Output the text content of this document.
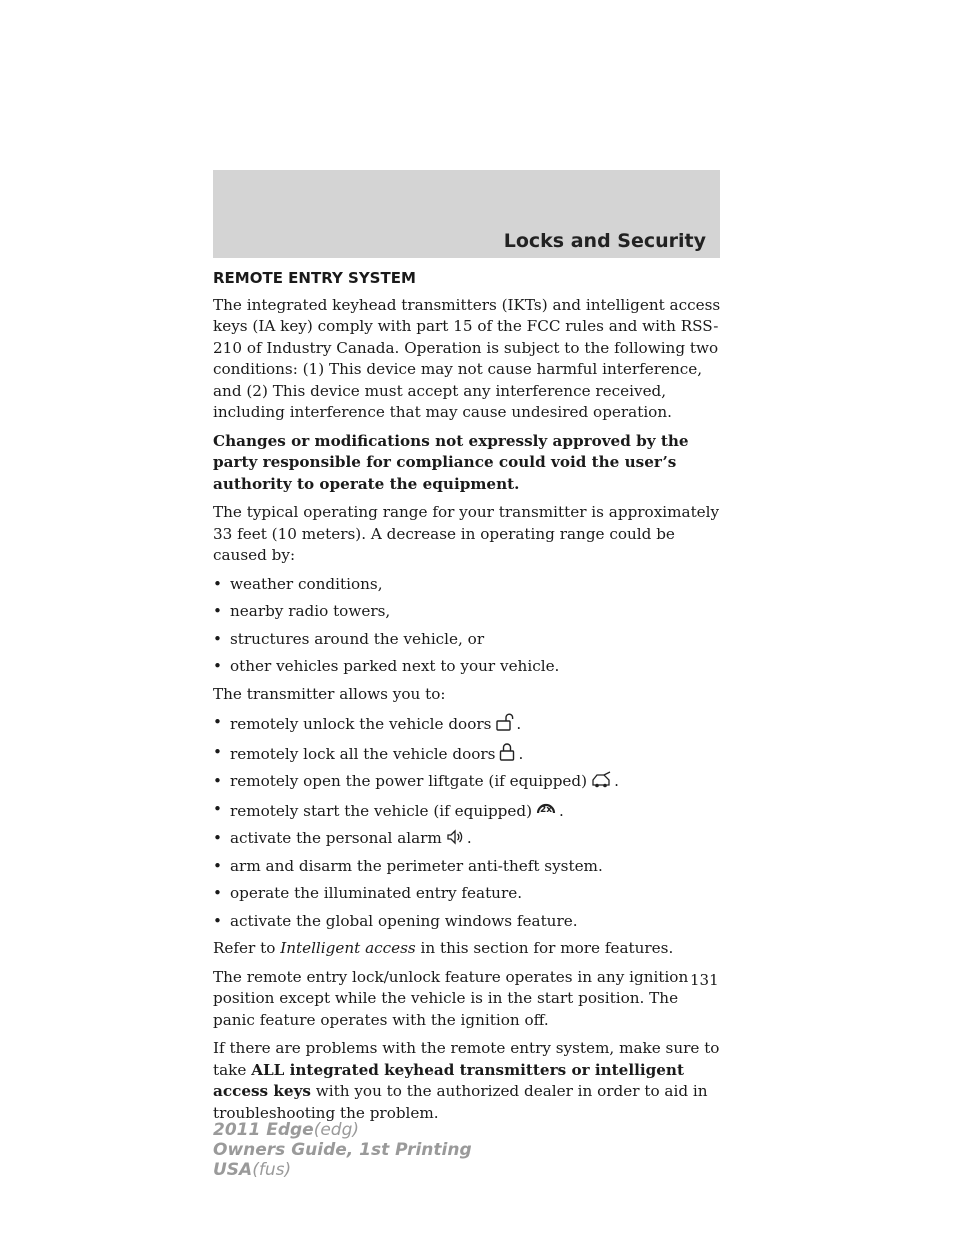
Locks and Security
REMOTE ENTRY SYSTEM

The integrated keyhead transmitters (IKTs) and intelligent access keys (IA key) comply with part 15 of the FCC rules and with RSS-210 of Industry Canada. Operation is subject to the following two conditions: (1) This device may not cause harmful interference, and (2) This device must accept any interference received, including interference that may cause undesired operation.

Changes or modifications not expressly approved by the party responsible for compliance could void the user’s authority to operate the equipment.

The typical operating range for your transmitter is approximately 33 feet (10 meters). A decrease in operating range could be caused by:

• weather conditions,
• nearby radio towers,
• structures around the vehicle, or
• other vehicles parked next to your vehicle.

The transmitter allows you to:

• remotely unlock the vehicle doors .
• remotely lock all the vehicle doors .
• remotely open the power liftgate (if equipped) .
• remotely start the vehicle (if equipped) 2x .
• activate the personal alarm .
• arm and disarm the perimeter anti-theft system.
• operate the illuminated entry feature.
• activate the global opening windows feature.

Refer to Intelligent access in this section for more features.

The remote entry lock/unlock feature operates in any ignition position except while the vehicle is in the start position. The panic feature operates with the ignition off.

If there are problems with the remote entry system, make sure to take ALL integrated keyhead transmitters or intelligent access keys with you to the authorized dealer in order to aid in troubleshooting the problem.

131
2011 Edge(edg)
Owners Guide, 1st Printing
USA(fus)
